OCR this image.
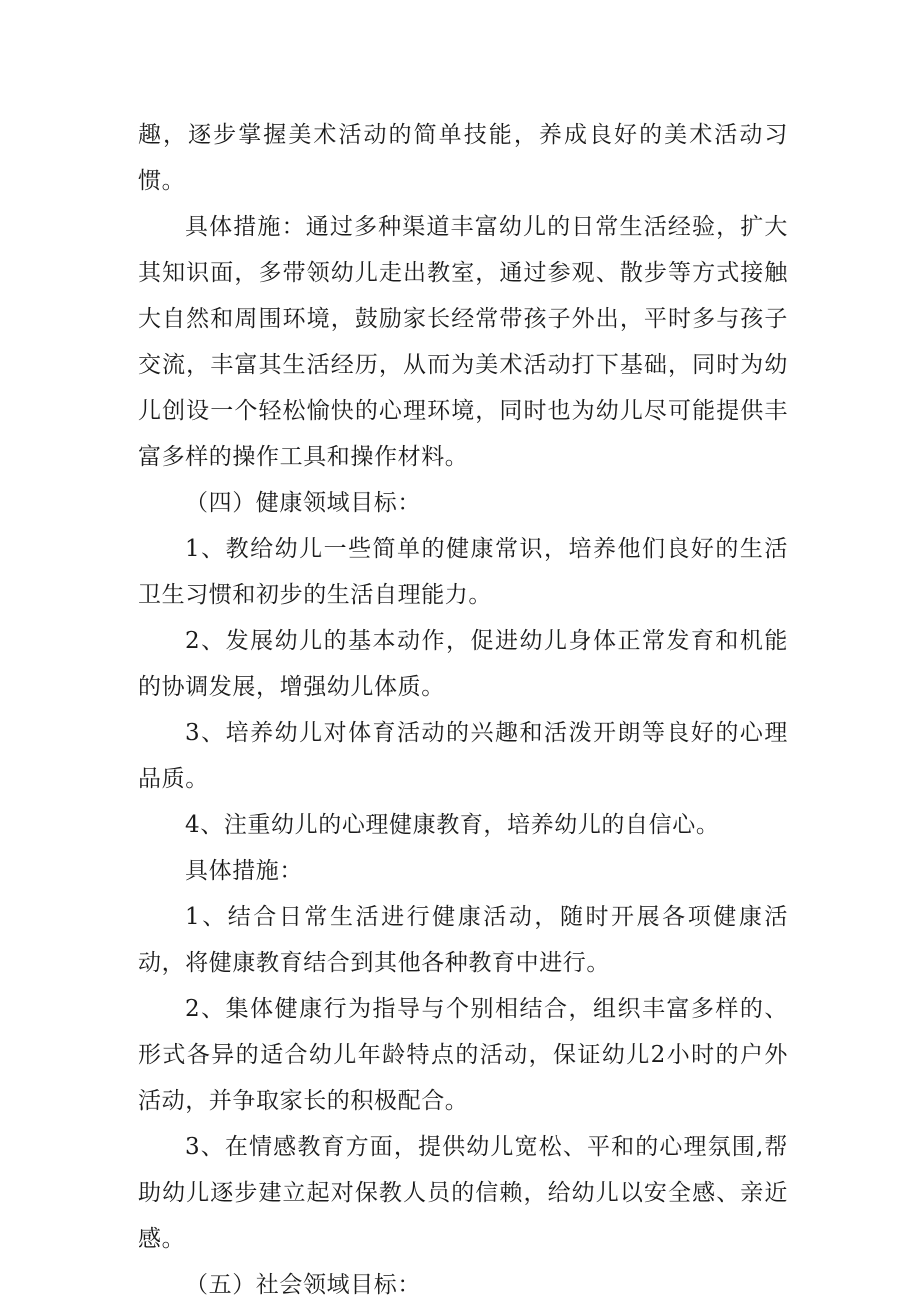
趣，逐步掌握美术活动的简单技能，养成良好的美术活动习惯。

具体措施：通过多种渠道丰富幼儿的日常生活经验，扩大其知识面，多带领幼儿走出教室，通过参观、散步等方式接触大自然和周围环境，鼓励家长经常带孩子外出，平时多与孩子交流，丰富其生活经历，从而为美术活动打下基础，同时为幼儿创设一个轻松愉快的心理环境，同时也为幼儿尽可能提供丰富多样的操作工具和操作材料。

（四）健康领域目标：

1、教给幼儿一些简单的健康常识，培养他们良好的生活卫生习惯和初步的生活自理能力。

2、发展幼儿的基本动作，促进幼儿身体正常发育和机能的协调发展，增强幼儿体质。

3、培养幼儿对体育活动的兴趣和活泼开朗等良好的心理品质。

4、注重幼儿的心理健康教育，培养幼儿的自信心。

具体措施：

1、结合日常生活进行健康活动，随时开展各项健康活动，将健康教育结合到其他各种教育中进行。

2、集体健康行为指导与个别相结合，组织丰富多样的、形式各异的适合幼儿年龄特点的活动，保证幼儿2小时的户外活动，并争取家长的积极配合。

3、在情感教育方面，提供幼儿宽松、平和的心理氛围,帮助幼儿逐步建立起对保教人员的信赖，给幼儿以安全感、亲近感。

（五）社会领域目标：
